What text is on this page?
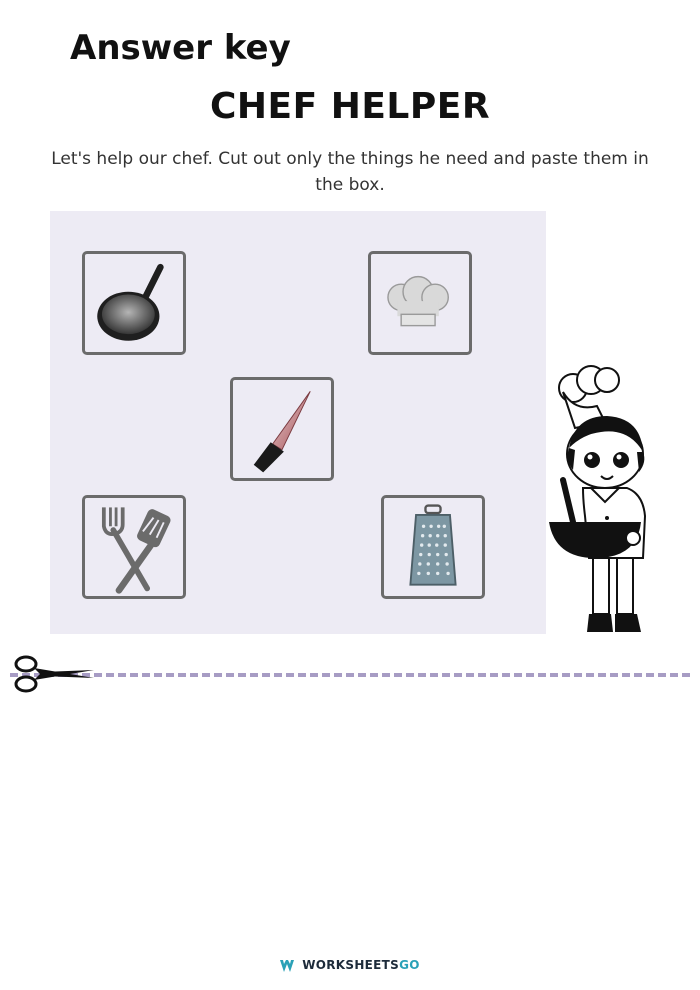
Answer key
CHEF HELPER
Let's help our chef. Cut out only the things he need and paste them in the box.
WORKSHEETSGO
